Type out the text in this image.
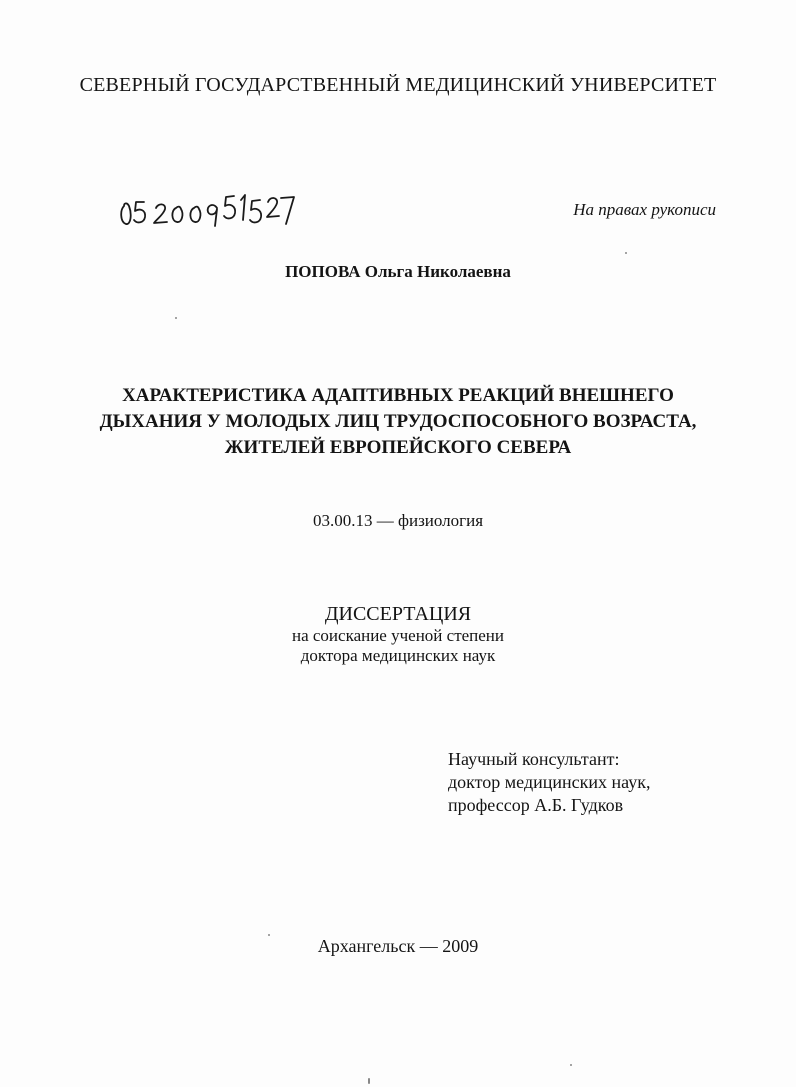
СЕВЕРНЫЙ ГОСУДАРСТВЕННЫЙ МЕДИЦИНСКИЙ УНИВЕРСИТЕТ
На правах рукописи
ПОПОВА Ольга Николаевна
ХАРАКТЕРИСТИКА АДАПТИВНЫХ РЕАКЦИЙ ВНЕШНЕГО
ДЫХАНИЯ У МОЛОДЫХ ЛИЦ ТРУДОСПОСОБНОГО ВОЗРАСТА,
ЖИТЕЛЕЙ ЕВРОПЕЙСКОГО СЕВЕРА
03.00.13 — физиология
ДИССЕРТАЦИЯ
на соискание ученой степени
доктора медицинских наук
Научный консультант:
доктор медицинских наук,
профессор А.Б. Гудков
Архангельск — 2009
